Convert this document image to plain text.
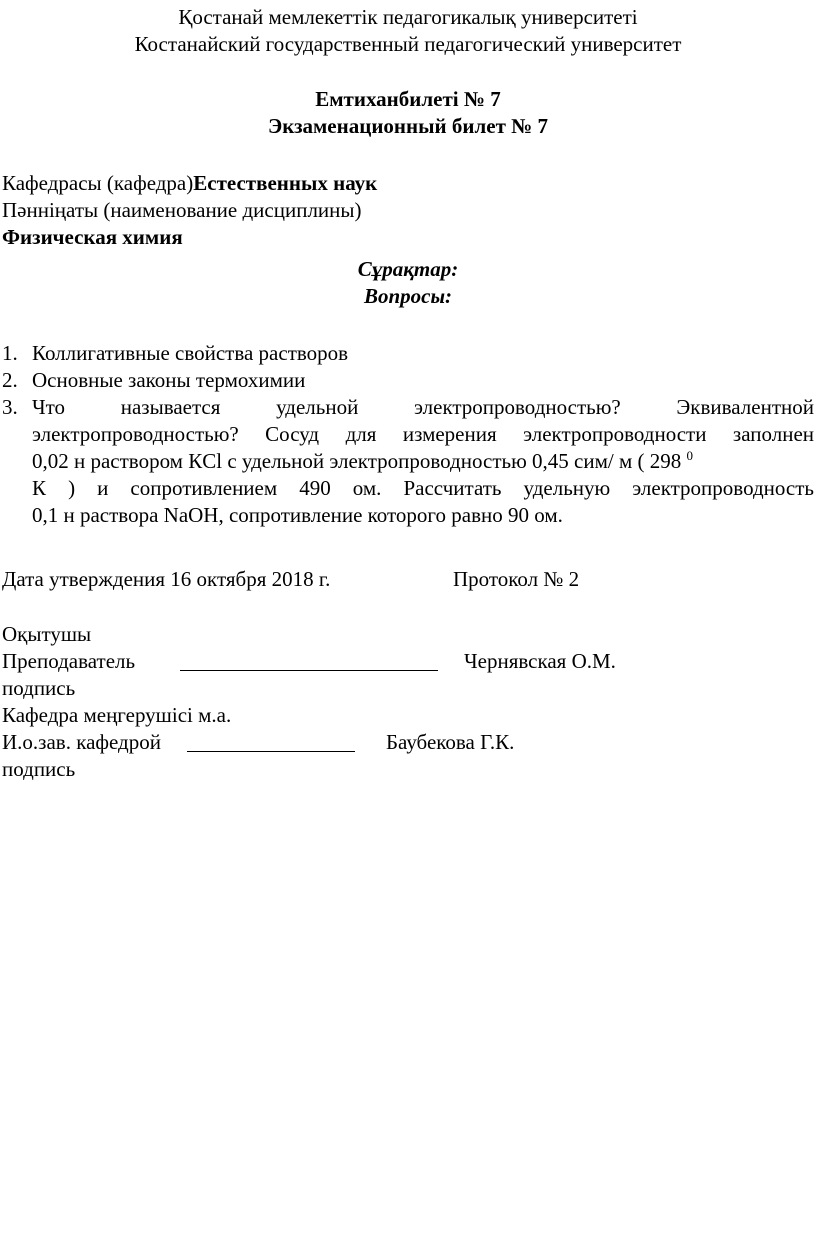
Қостанай мемлекеттік педагогикалық университеті
Костанайский государственный педагогический университет
Емтиханбилеті № 7
Экзаменационный билет № 7
Кафедрасы (кафедра)Естественных наук
Пәнніңаты (наименование дисциплины)
Физическая химия
Сұрақтар:
Вопросы:
1. Коллигативные свойства растворов
2. Основные законы термохимии
3. Что называется удельной электропроводностью? Эквивалентной
электропроводностью? Сосуд для измерения электропроводности заполнен
0,02 н раствором КCl с удельной электропроводностью 0,45 сим/ м ( 298 $^0$
К ) и сопротивлением 490 ом. Рассчитать удельную электропроводность
0,1 н раствора NaOH, сопротивление которого равно 90 ом.
Дата утверждения 16 октября 2018 г.	Протокол № 2
Оқытушы
Преподаватель	Чернявская О.М.
подпись
Кафедра меңгерушісі м.а.
И.о.зав. кафедрой	Баубекова Г.К.
подпись
